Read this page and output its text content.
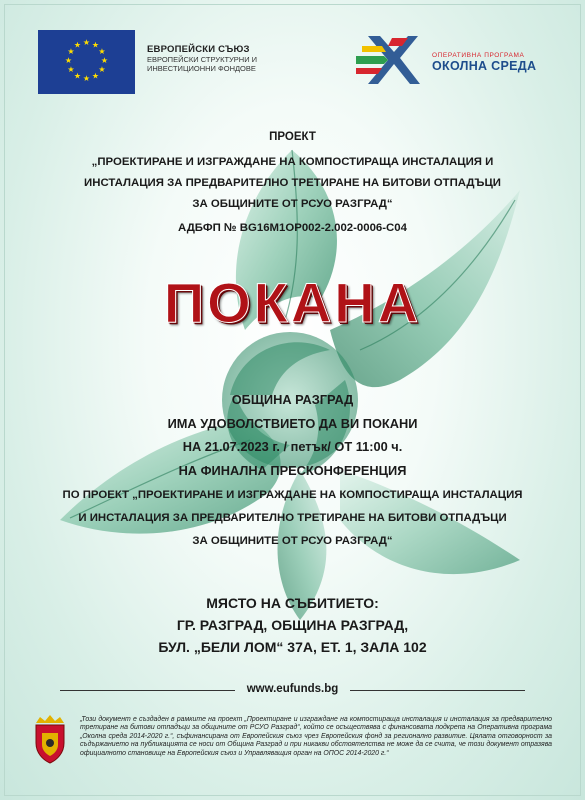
★ ★
★
★
★
★
★
★
★
★
★
★	ЕВРОПЕЙСКИ СЪЮЗ
ЕВРОПЕЙСКИ СТРУКТУРНИ И
ИНВЕСТИЦИОННИ ФОНДОВЕ
ОПЕРАТИВНА ПРОГРАМА
ОКОЛНА СРЕДА
ПРОЕКТ
„ПРОЕКТИРАНЕ И ИЗГРАЖДАНЕ НА КОМПОСТИРАЩА ИНСТАЛАЦИЯ И
ИНСТАЛАЦИЯ ЗА ПРЕДВАРИТЕЛНО ТРЕТИРАНЕ НА БИТОВИ ОТПАДЪЦИ
ЗА ОБЩИНИТЕ ОТ РСУО РАЗГРАД“
АДБФП № BG16M1OP002-2.002-0006-C04
ПОКАНА
ОБЩИНА РАЗГРАД
ИМА УДОВОЛСТВИЕТО ДА ВИ ПОКАНИ
НА 21.07.2023 г. / петък/ ОТ 11:00 ч.
НА ФИНАЛНА ПРЕСКОНФЕРЕНЦИЯ
ПО ПРОЕКТ „ПРОЕКТИРАНЕ И ИЗГРАЖДАНЕ НА КОМПОСТИРАЩА ИНСТАЛАЦИЯ
И ИНСТАЛАЦИЯ ЗА ПРЕДВАРИТЕЛНО ТРЕТИРАНЕ НА БИТОВИ ОТПАДЪЦИ
ЗА ОБЩИНИТЕ ОТ РСУО РАЗГРАД“
МЯСТО НА СЪБИТИЕТО:
ГР. РАЗГРАД, ОБЩИНА РАЗГРАД,
БУЛ. „БЕЛИ ЛОМ“ 37А, ЕТ. 1, ЗАЛА 102
www.eufunds.bg
„Този документ е създаден в рамките на проект „Проектиране и изграждане на компостираща инсталация и инсталация за предварително третиране на битови отпадъци за общините от РСУО Разград“, който се осъществява с финансовата подкрепа на Оперативна програма „Околна среда 2014-2020 г.“, съфинансирана от Европейския съюз чрез Европейския фонд за регионално развитие. Цялата отговорност за съдържанието на публикацията се носи от Община Разград и при никакви обстоятелства не може да се счита, че този документ отразява официалното становище на Европейския съюз и Управляващия орган на ОПОС 2014-2020 г.“
